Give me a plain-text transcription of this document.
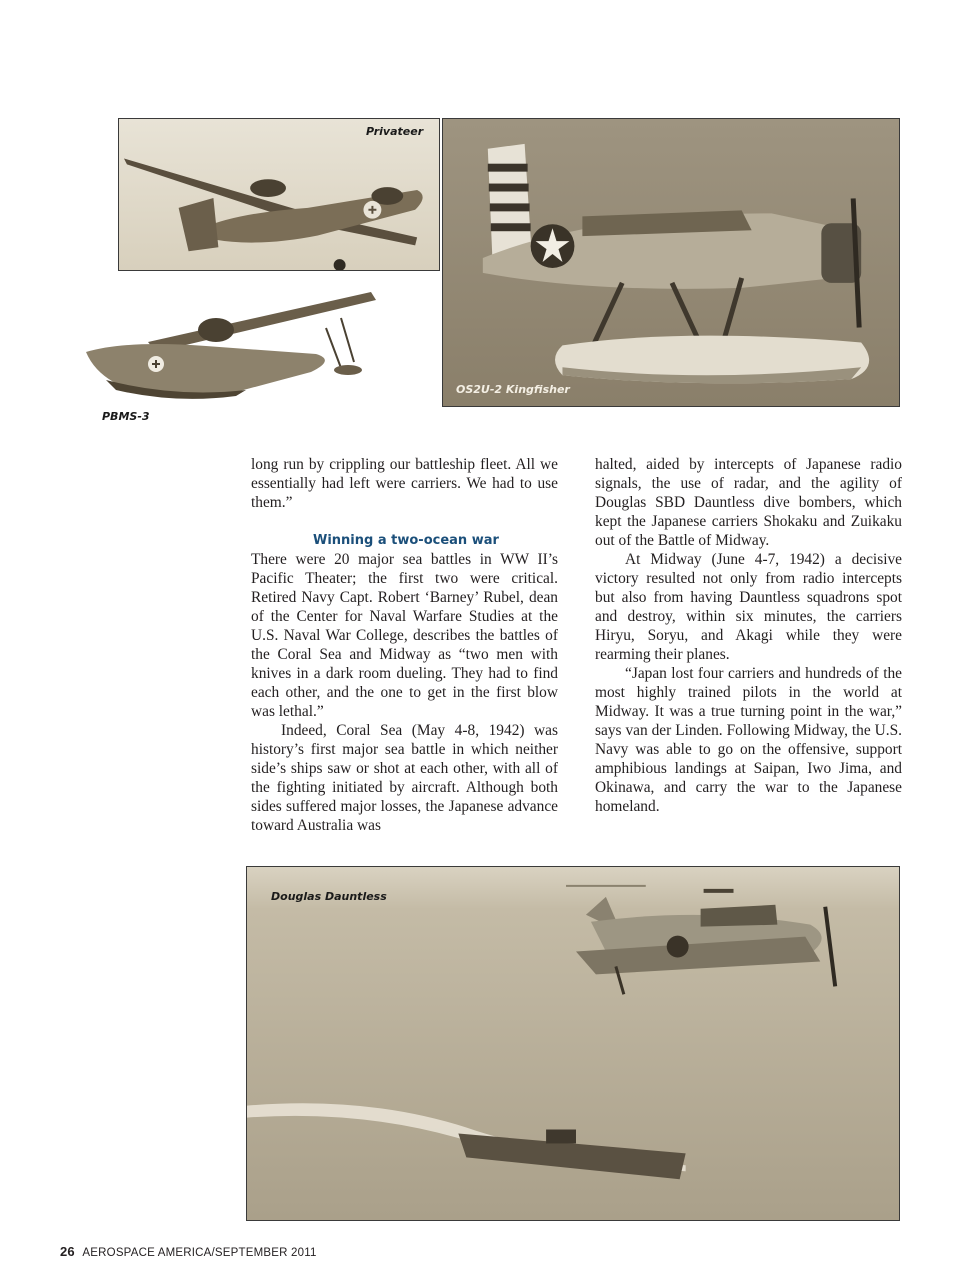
Privateer
PBMS-3
OS2U-2 Kingfisher

long run by crippling our battleship fleet. All we essentially had left were carriers. We had to use them.”

Winning a two-ocean war

There were 20 major sea battles in WW II’s Pacific Theater; the first two were critical. Retired Navy Capt. Robert ‘Barney’ Rubel, dean of the Center for Naval Warfare Studies at the U.S. Naval War College, describes the battles of the Coral Sea and Midway as “two men with knives in a dark room dueling. They had to find each other, and the one to get in the first blow was lethal.”

Indeed, Coral Sea (May 4-8, 1942) was history’s first major sea battle in which neither side’s ships saw or shot at each other, with all of the fighting initiated by aircraft. Although both sides suffered major losses, the Japanese advance toward Australia was

halted, aided by intercepts of Japanese radio signals, the use of radar, and the agility of Douglas SBD Dauntless dive bombers, which kept the Japanese carriers Shokaku and Zuikaku out of the Battle of Midway.

At Midway (June 4-7, 1942) a decisive victory resulted not only from radio intercepts but also from having Dauntless squadrons spot and destroy, within six minutes, the carriers Hiryu, Soryu, and Akagi while they were rearming their planes.

“Japan lost four carriers and hundreds of the most highly trained pilots in the world at Midway. It was a true turning point in the war,” says van der Linden. Following Midway, the U.S. Navy was able to go on the offensive, support amphibious landings at Saipan, Iwo Jima, and Okinawa, and carry the war to the Japanese homeland.

Douglas Dauntless
26 AEROSPACE AMERICA/SEPTEMBER 2011
